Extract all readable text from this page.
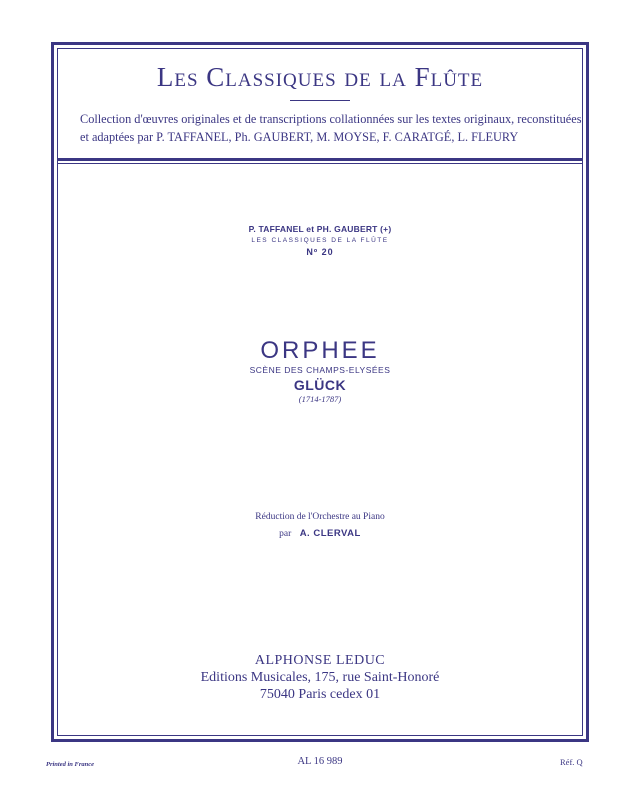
Les Classiques de la Flûte
Collection d'œuvres originales et de transcriptions collationnées sur les textes originaux, reconstituées
et adaptées par P. TAFFANEL, Ph. GAUBERT, M. MOYSE, F. CARATGÉ, L. FLEURY
P. TAFFANEL et PH. GAUBERT (+)
LES CLASSIQUES DE LA FLÛTE
Nº 20
ORPHEE
SCÈNE DES CHAMPS-ELYSÉES
GLÜCK
(1714-1787)
Réduction de l'Orchestre au Piano
par A. CLERVAL
ALPHONSE LEDUC
Editions Musicales, 175, rue Saint-Honoré
75040 Paris cedex 01
Printed in France	AL 16 989	Réf. Q
